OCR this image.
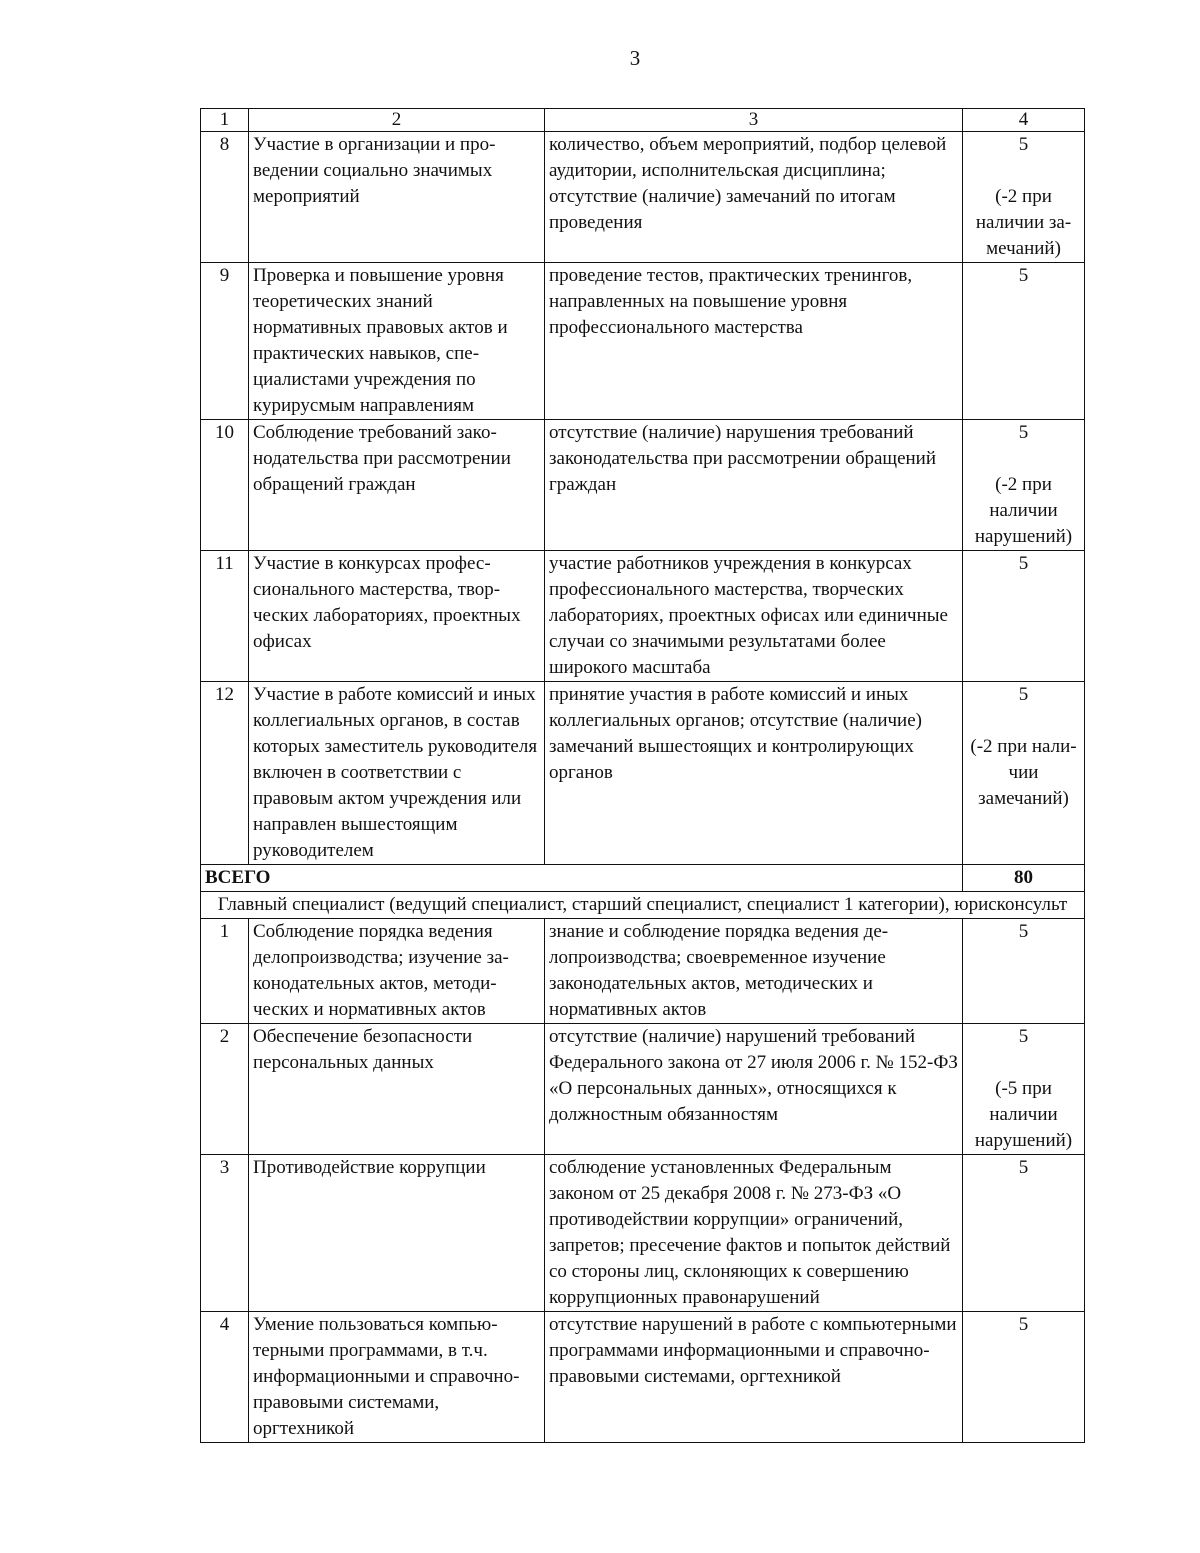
3
1	2	3	4
8	Участие в организации и проведении социально значимых мероприятий	количество, объем мероприятий, подбор целевой аудитории, исполнительская дисциплина; отсутствие (наличие) замечаний по итогам проведения	5
(-2 при наличии за-
мечаний)

9	Проверка и повышение уровня теоретических знаний нормативных правовых актов и практических навыков, специалистами учреждения по курирусмым направлениям	проведение тестов, практических тренингов, направленных на повышение уровня профессионального мастерства	5

10	Соблюдение требований законодательства при рассмотрении обращений граждан	отсутствие (наличие) нарушения требований законодательства при рассмотрении обращений граждан	5
(-2 при
наличии
нарушений)

11	Участие в конкурсах профессионального мастерства, творческих лабораториях, проектных офисах	участие работников учреждения в конкурсах профессионального мастерства, творческих лабораториях, проектных офисах или единичные случаи со значимыми результатами более широкого масштаба	5

12	Участие в работе комиссий и иных коллегиальных органов, в состав которых заместитель руководителя включен в соответствии с правовым актом учреждения или направлен вышестоящим руководителем	принятие участия в работе комиссий и иных коллегиальных органов; отсутствие (наличие) замечаний вышестоящих и контролирующих органов	5
(-2 при нали-
чии
замечаний)

ВСЕГО			80
Главный специалист (ведущий специалист, старший специалист, специалист 1 категории), юрисконсульт			
1	Соблюдение порядка ведения делопроизводства; изучение законодательных актов, методических и нормативных актов	знание и соблюдение порядка ведения делопроизводства; своевременное изучение законодательных актов, методических и нормативных актов	5

2	Обеспечение безопасности персональных данных	отсутствие (наличие) нарушений требований Федерального закона от 27 июля 2006 г. № 152-ФЗ «О персональных данных», относящихся к должностным обязанностям	5
(-5 при
наличии
нарушений)

3	Противодействие коррупции	соблюдение установленных Федеральным законом от 25 декабря 2008 г. № 273-ФЗ «О противодействии коррупции» ограничений, запретов; пресечение фактов и попыток действий со стороны лиц, склоняющих к совершению коррупционных правонарушений	5

4	Умение пользоваться компьютерными программами, в т.ч. информационными и справочно-правовыми системами, оргтехникой	отсутствие нарушений в работе с компьютерными программами информационными и справочно-правовыми системами, оргтехникой	5
